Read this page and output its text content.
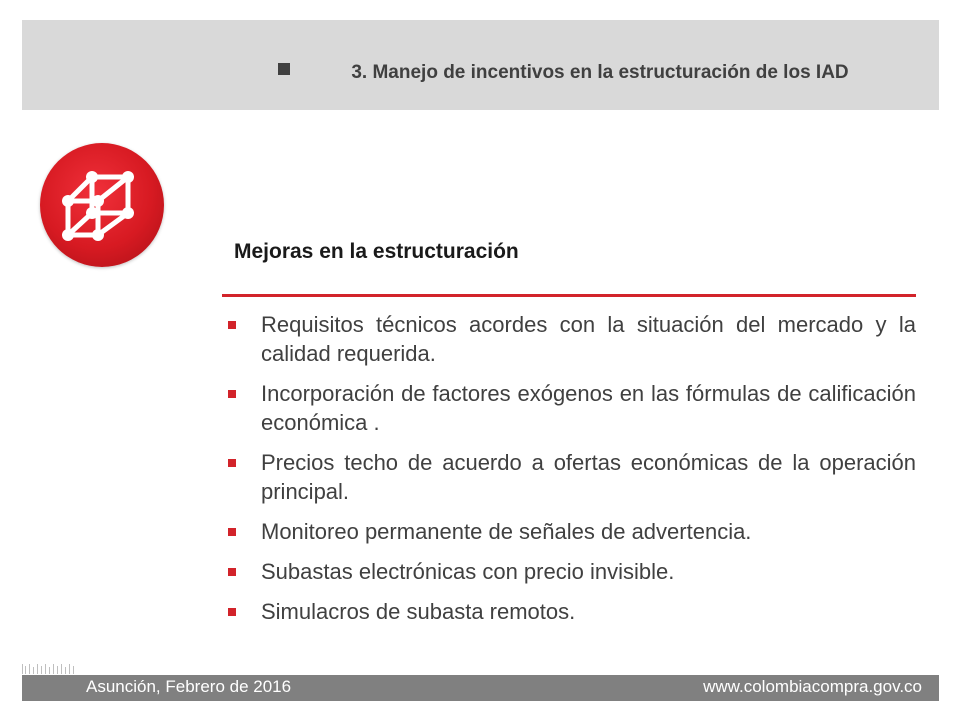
3. Manejo de incentivos en la estructuración de los IAD
Mejoras en la estructuración
Requisitos técnicos acordes con la situación del mercado y la calidad requerida.
Incorporación de factores exógenos en las fórmulas de calificación económica .
Precios techo de acuerdo a ofertas económicas de la operación principal.
Monitoreo permanente de señales de advertencia.
Subastas electrónicas con precio invisible.
Simulacros de subasta remotos.
Asunción, Febrero de 2016	www.colombiacompra.gov.co
